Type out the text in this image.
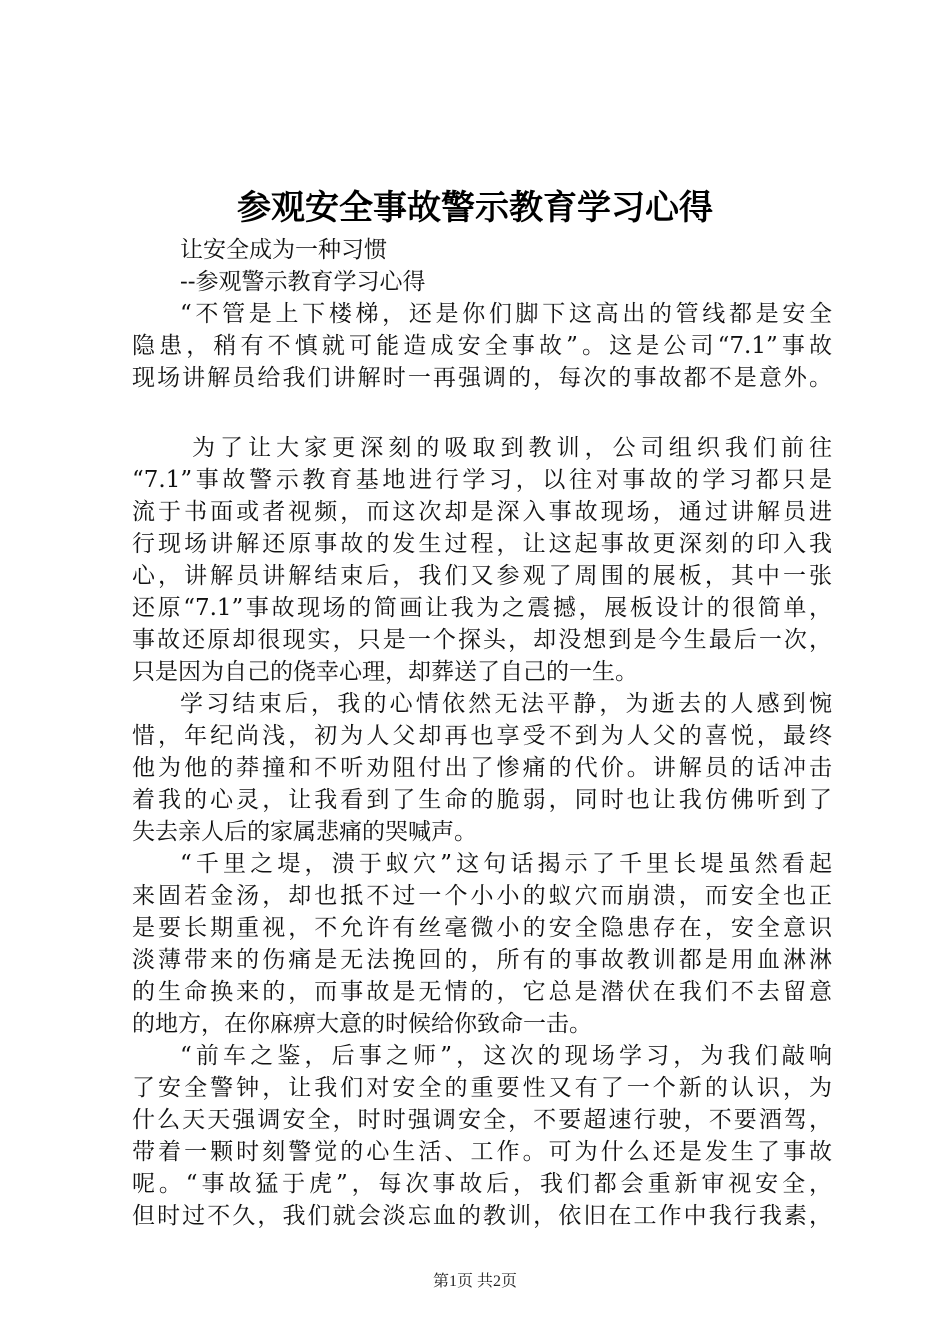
参观安全事故警示教育学习心得
让安全成为一种习惯
--参观警示教育学习心得
“不管是上下楼梯，还是你们脚下这高出的管线都是安全
隐患，稍有不慎就可能造成安全事故”。这是公司“7.1”事故
现场讲解员给我们讲解时一再强调的，每次的事故都不是意外。
为了让大家更深刻的吸取到教训，公司组织我们前往
“7.1”事故警示教育基地进行学习，以往对事故的学习都只是
流于书面或者视频，而这次却是深入事故现场，通过讲解员进
行现场讲解还原事故的发生过程，让这起事故更深刻的印入我
心，讲解员讲解结束后，我们又参观了周围的展板，其中一张
还原“7.1”事故现场的简画让我为之震撼，展板设计的很简单，
事故还原却很现实，只是一个探头，却没想到是今生最后一次，
只是因为自己的侥幸心理，却葬送了自己的一生。
学习结束后，我的心情依然无法平静，为逝去的人感到惋
惜，年纪尚浅，初为人父却再也享受不到为人父的喜悦，最终
他为他的莽撞和不听劝阻付出了惨痛的代价。讲解员的话冲击
着我的心灵，让我看到了生命的脆弱，同时也让我仿佛听到了
失去亲人后的家属悲痛的哭喊声。
“千里之堤，溃于蚁穴”这句话揭示了千里长堤虽然看起
来固若金汤，却也抵不过一个小小的蚁穴而崩溃，而安全也正
是要长期重视，不允许有丝毫微小的安全隐患存在，安全意识
淡薄带来的伤痛是无法挽回的，所有的事故教训都是用血淋淋
的生命换来的，而事故是无情的，它总是潜伏在我们不去留意
的地方，在你麻痹大意的时候给你致命一击。
“前车之鉴，后事之师”，这次的现场学习，为我们敲响
了安全警钟，让我们对安全的重要性又有了一个新的认识，为
什么天天强调安全，时时强调安全，不要超速行驶，不要酒驾，
带着一颗时刻警觉的心生活、工作。可为什么还是发生了事故
呢。“事故猛于虎”，每次事故后，我们都会重新审视安全，
但时过不久，我们就会淡忘血的教训，依旧在工作中我行我素，
第1页 共2页
